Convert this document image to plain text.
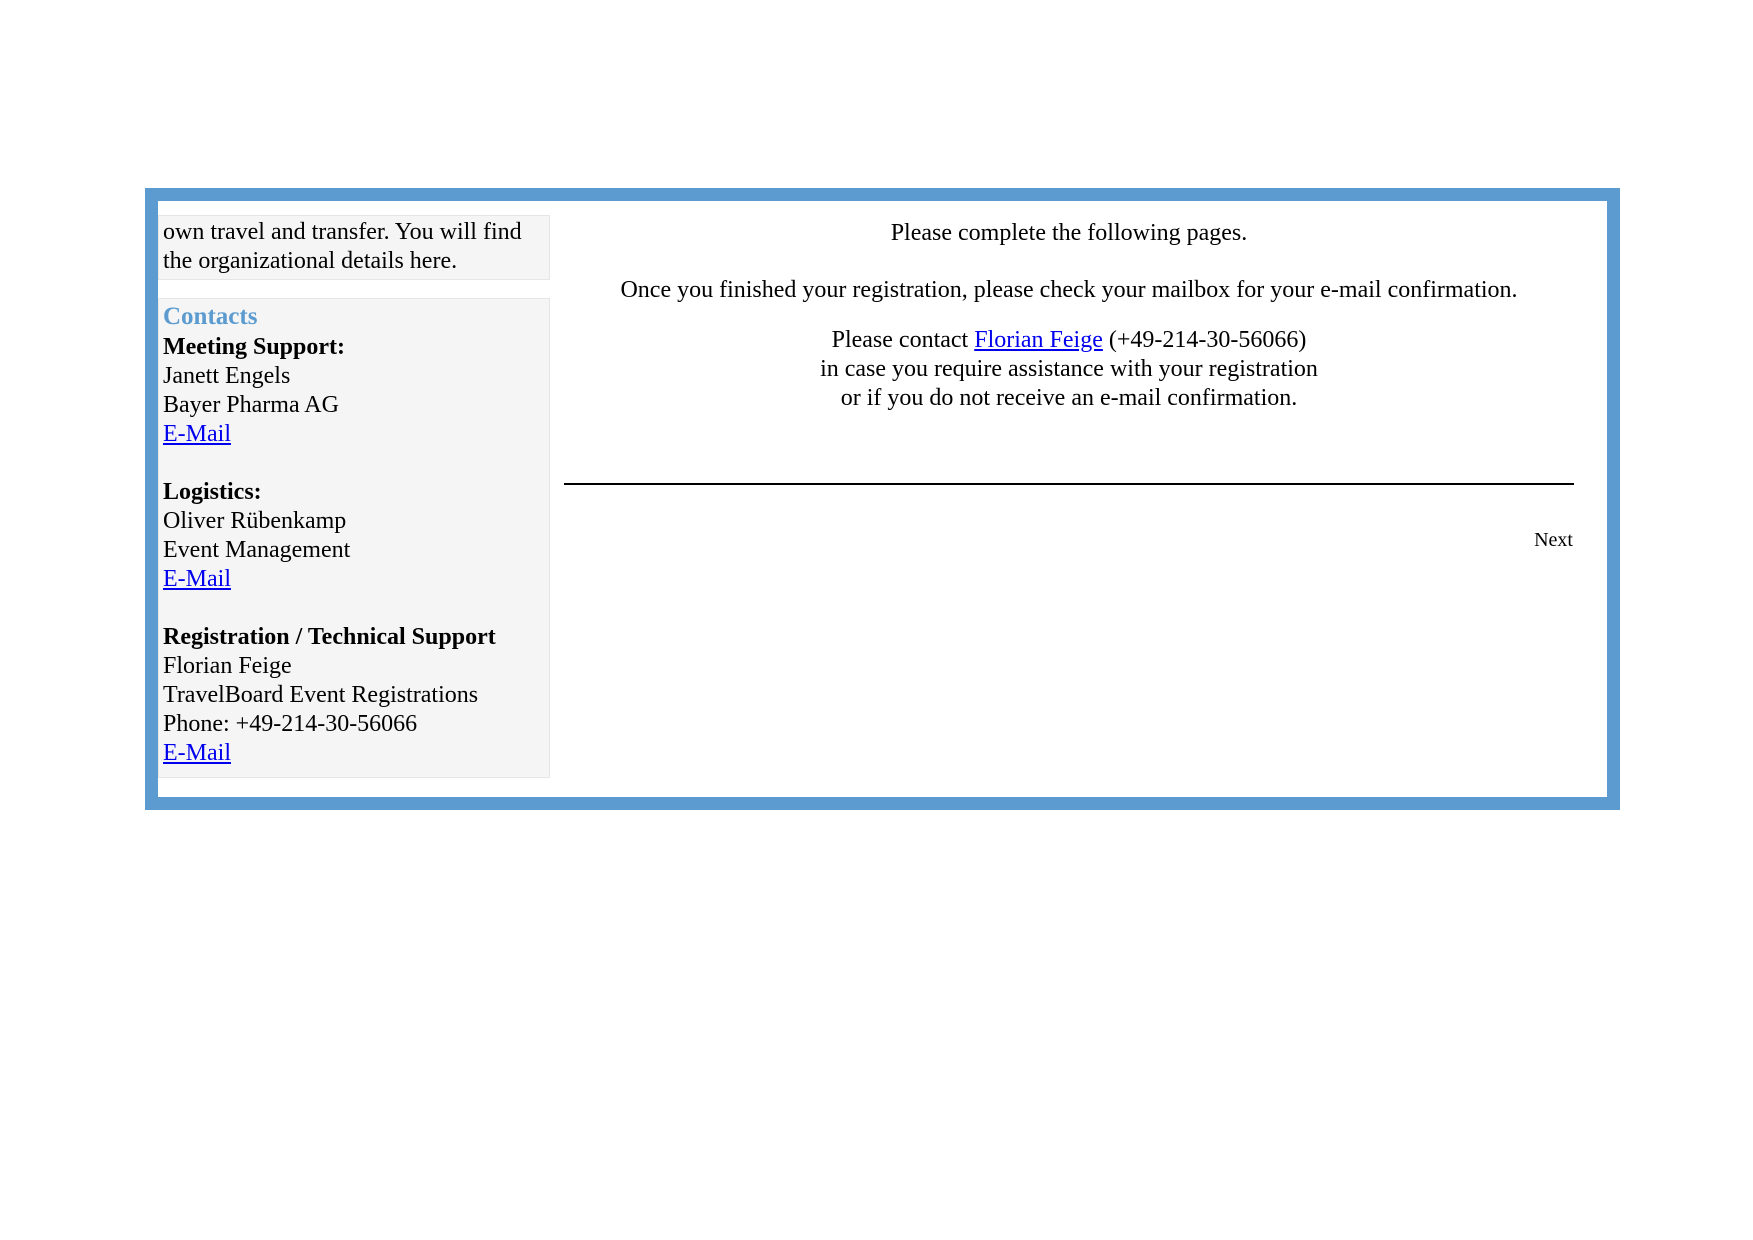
own travel and transfer. You will find
the organizational details here.
Contacts
Meeting Support:
Janett Engels
Bayer Pharma AG
E-Mail
Logistics:
Oliver Rübenkamp
Event Management
E-Mail
Registration / Technical Support
Florian Feige
TravelBoard Event Registrations
Phone: +49-214-30-56066
E-Mail

Please complete the following pages.

Once you finished your registration, please check your mailbox for your e-mail confirmation.

Please contact Florian Feige (+49-214-30-56066)
in case you require assistance with your registration
or if you do not receive an e-mail confirmation.

Next
